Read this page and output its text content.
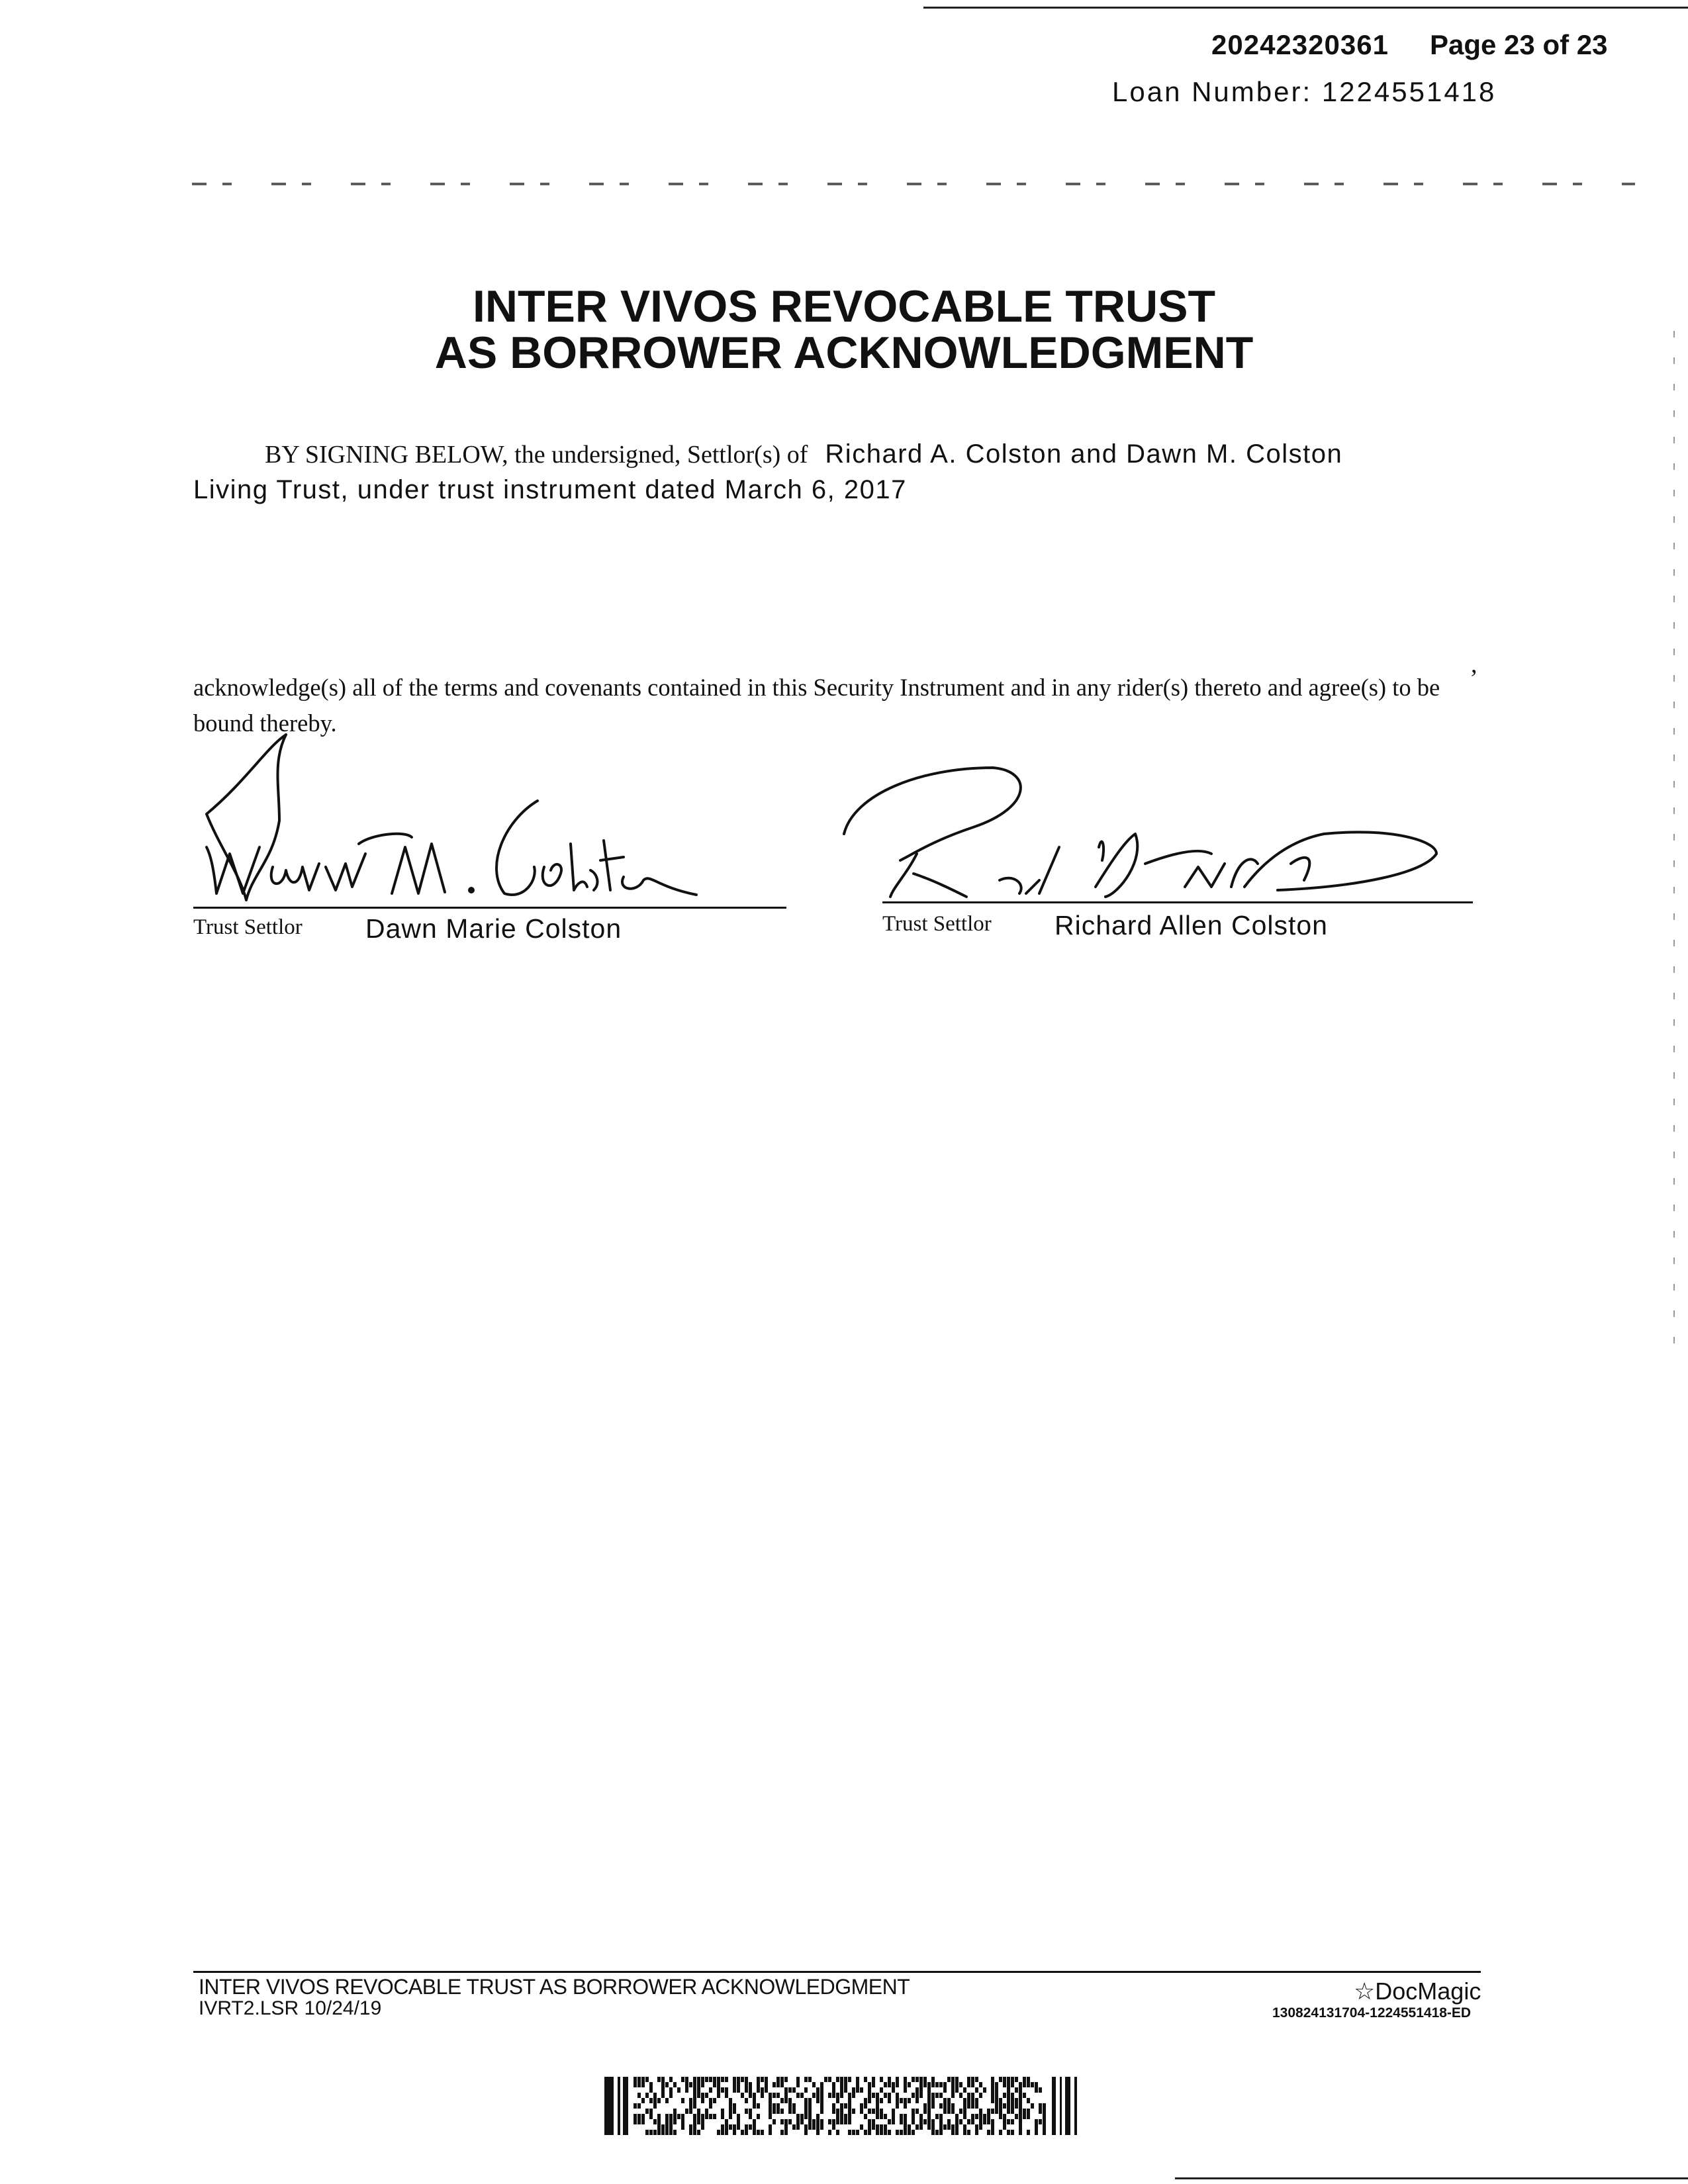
20242320361 Page 23 of 23
Loan Number: 1224551418
INTER VIVOS REVOCABLE TRUST
AS BORROWER ACKNOWLEDGMENT
BY SIGNING BELOW, the undersigned, Settlor(s) of Richard A. Colston and Dawn M. Colston
Living Trust, under trust instrument dated March 6, 2017
,
acknowledge(s) all of the terms and covenants contained in this Security Instrument and in any rider(s) thereto and agree(s) to be bound thereby.
Trust Settlor Dawn Marie Colston	Trust Settlor Richard Allen Colston
INTER VIVOS REVOCABLE TRUST AS BORROWER ACKNOWLEDGMENT
IVRT2.LSR 10/24/19
☆DocMagic
130824131704-1224551418-ED
